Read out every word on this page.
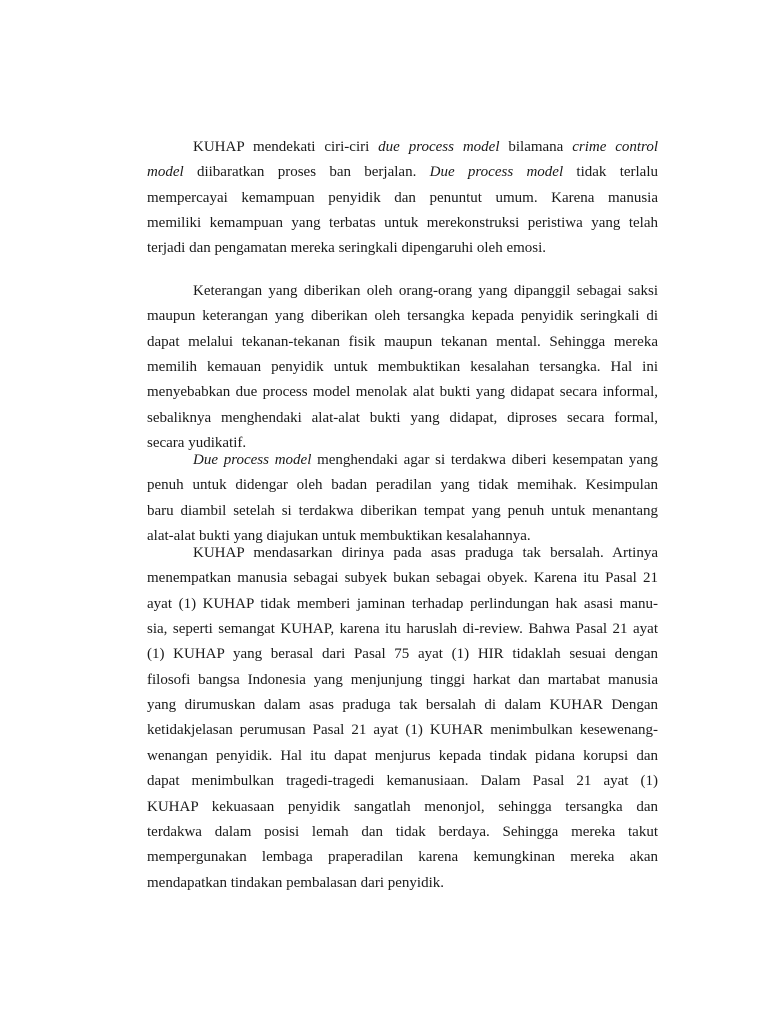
KUHAP mendekati ciri-ciri due process model bilamana crime control
model diibaratkan proses ban berjalan. Due process model tidak terlalu
mempercayai kemampuan penyidik dan penuntut umum. Karena manusia
memiliki kemampuan yang terbatas untuk merekonstruksi peristiwa yang telah
terjadi dan pengamatan mereka seringkali dipengaruhi oleh emosi.
Keterangan yang diberikan oleh orang-orang yang dipanggil sebagai saksi
maupun keterangan yang diberikan oleh tersangka kepada penyidik seringkali di
dapat melalui tekanan-tekanan fisik maupun tekanan mental. Sehingga mereka
memilih kemauan penyidik untuk membuktikan kesalahan tersangka. Hal ini
menyebabkan due process model menolak alat bukti yang didapat secara informal,
sebaliknya menghendaki alat-alat bukti yang didapat, diproses secara formal,
secara yudikatif.
Due process model menghendaki agar si terdakwa diberi kesempatan yang
penuh untuk didengar oleh badan peradilan yang tidak memihak. Kesimpulan
baru diambil setelah si terdakwa diberikan tempat yang penuh untuk menantang
alat-alat bukti yang diajukan untuk membuktikan kesalahannya.
KUHAP mendasarkan dirinya pada asas praduga tak bersalah. Artinya
menempatkan manusia sebagai subyek bukan sebagai obyek. Karena itu Pasal 21
ayat (1) KUHAP tidak memberi jaminan terhadap perlindungan hak asasi manu-
sia, seperti semangat KUHAP, karena itu haruslah di-review. Bahwa Pasal 21 ayat
(1) KUHAP yang berasal dari Pasal 75 ayat (1) HIR tidaklah sesuai dengan
filosofi bangsa Indonesia yang menjunjung tinggi harkat dan martabat manusia
yang dirumuskan dalam asas praduga tak bersalah di dalam KUHAR Dengan
ketidakjelasan perumusan Pasal 21 ayat (1) KUHAR menimbulkan kesewenang-
wenangan penyidik. Hal itu dapat menjurus kepada tindak pidana korupsi dan
dapat menimbulkan tragedi-tragedi kemanusiaan. Dalam Pasal 21 ayat (1)
KUHAP kekuasaan penyidik sangatlah menonjol, sehingga tersangka dan
terdakwa dalam posisi lemah dan tidak berdaya. Sehingga mereka takut
mempergunakan lembaga praperadilan karena kemungkinan mereka akan
mendapatkan tindakan pembalasan dari penyidik.
